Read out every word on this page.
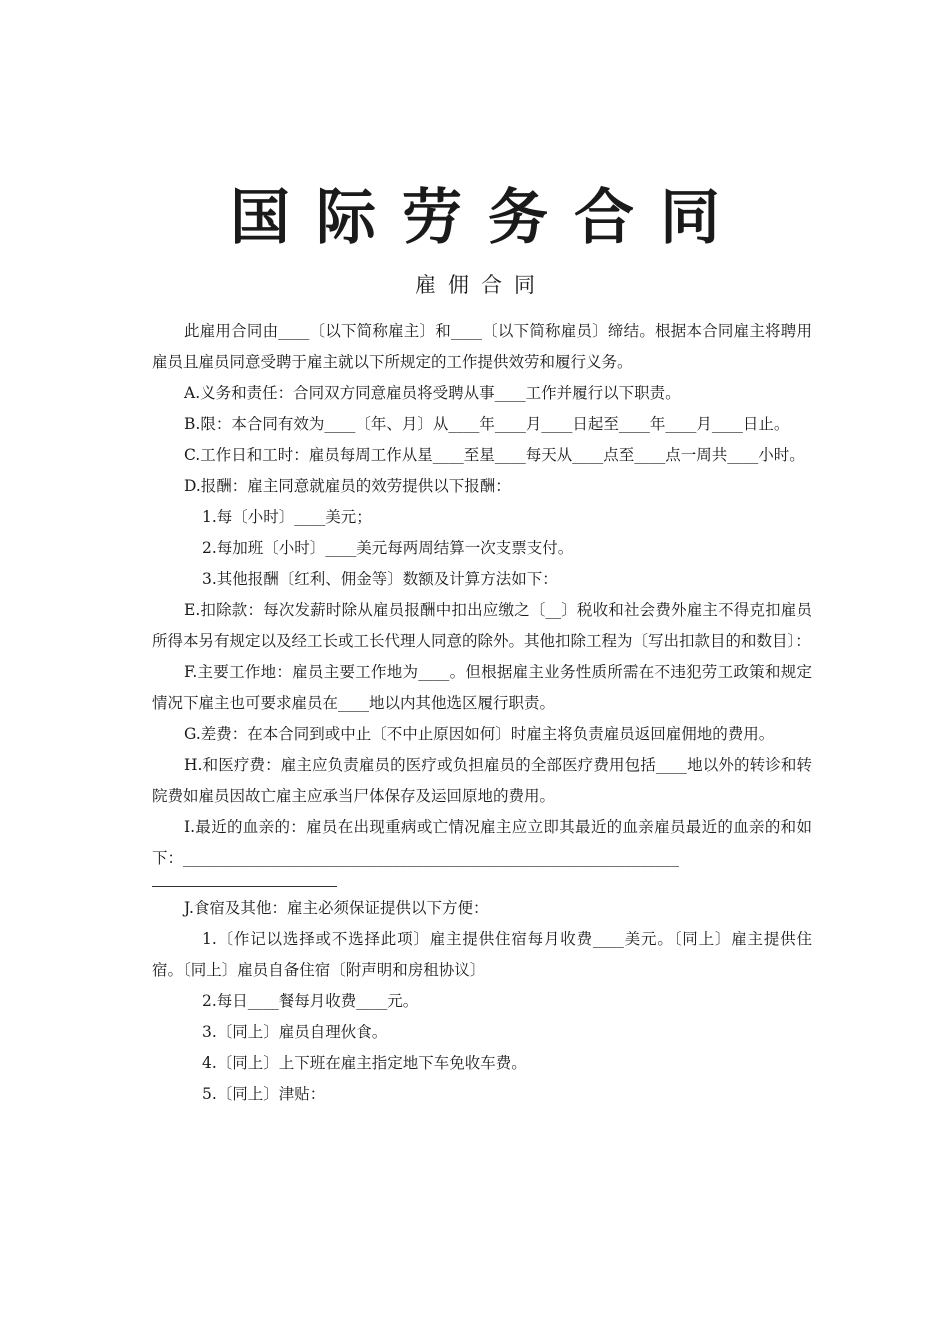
国际劳务合同
雇佣合同

此雇用合同由____〔以下简称雇主〕和____〔以下简称雇员〕缔结。根据本合同雇主将聘用雇员且雇员同意受聘于雇主就以下所规定的工作提供效劳和履行义务。

A.义务和责任：合同双方同意雇员将受聘从事____工作并履行以下职责。

B.限：本合同有效为____〔年、月〕从____年____月____日起至____年____月____日止。

C.工作日和工时：雇员每周工作从星____至星____每天从____点至____点一周共____小时。

D.报酬：雇主同意就雇员的效劳提供以下报酬：

1.每〔小时〕____美元；

2.每加班〔小时〕____美元每两周结算一次支票支付。

3.其他报酬〔红利、佣金等〕数额及计算方法如下：

E.扣除款：每次发薪时除从雇员报酬中扣出应缴之〔__〕税收和社会费外雇主不得克扣雇员所得本另有规定以及经工长或工长代理人同意的除外。其他扣除工程为〔写出扣款目的和数目〕：

F.主要工作地：雇员主要工作地为____。但根据雇主业务性质所需在不违犯劳工政策和规定情况下雇主也可要求雇员在____地以内其他选区履行职责。

G.差费：在本合同到或中止〔不中止原因如何〕时雇主将负责雇员返回雇佣地的费用。

H.和医疗费：雇主应负责雇员的医疗或负担雇员的全部医疗费用包括____地以外的转诊和转院费如雇员因故亡雇主应承当尸体保存及运回原地的费用。

I.最近的血亲的：雇员在出现重病或亡情况雇主应立即其最近的血亲雇员最近的血亲的和如下：________________________________________________________________

J.食宿及其他：雇主必须保证提供以下方便：

1.〔作记以选择或不选择此项〕雇主提供住宿每月收费____美元。〔同上〕雇主提供住宿。〔同上〕雇员自备住宿〔附声明和房租协议〕

2.每日____餐每月收费____元。

3.〔同上〕雇员自理伙食。

4.〔同上〕上下班在雇主指定地下车免收车费。

5.〔同上〕津贴：
